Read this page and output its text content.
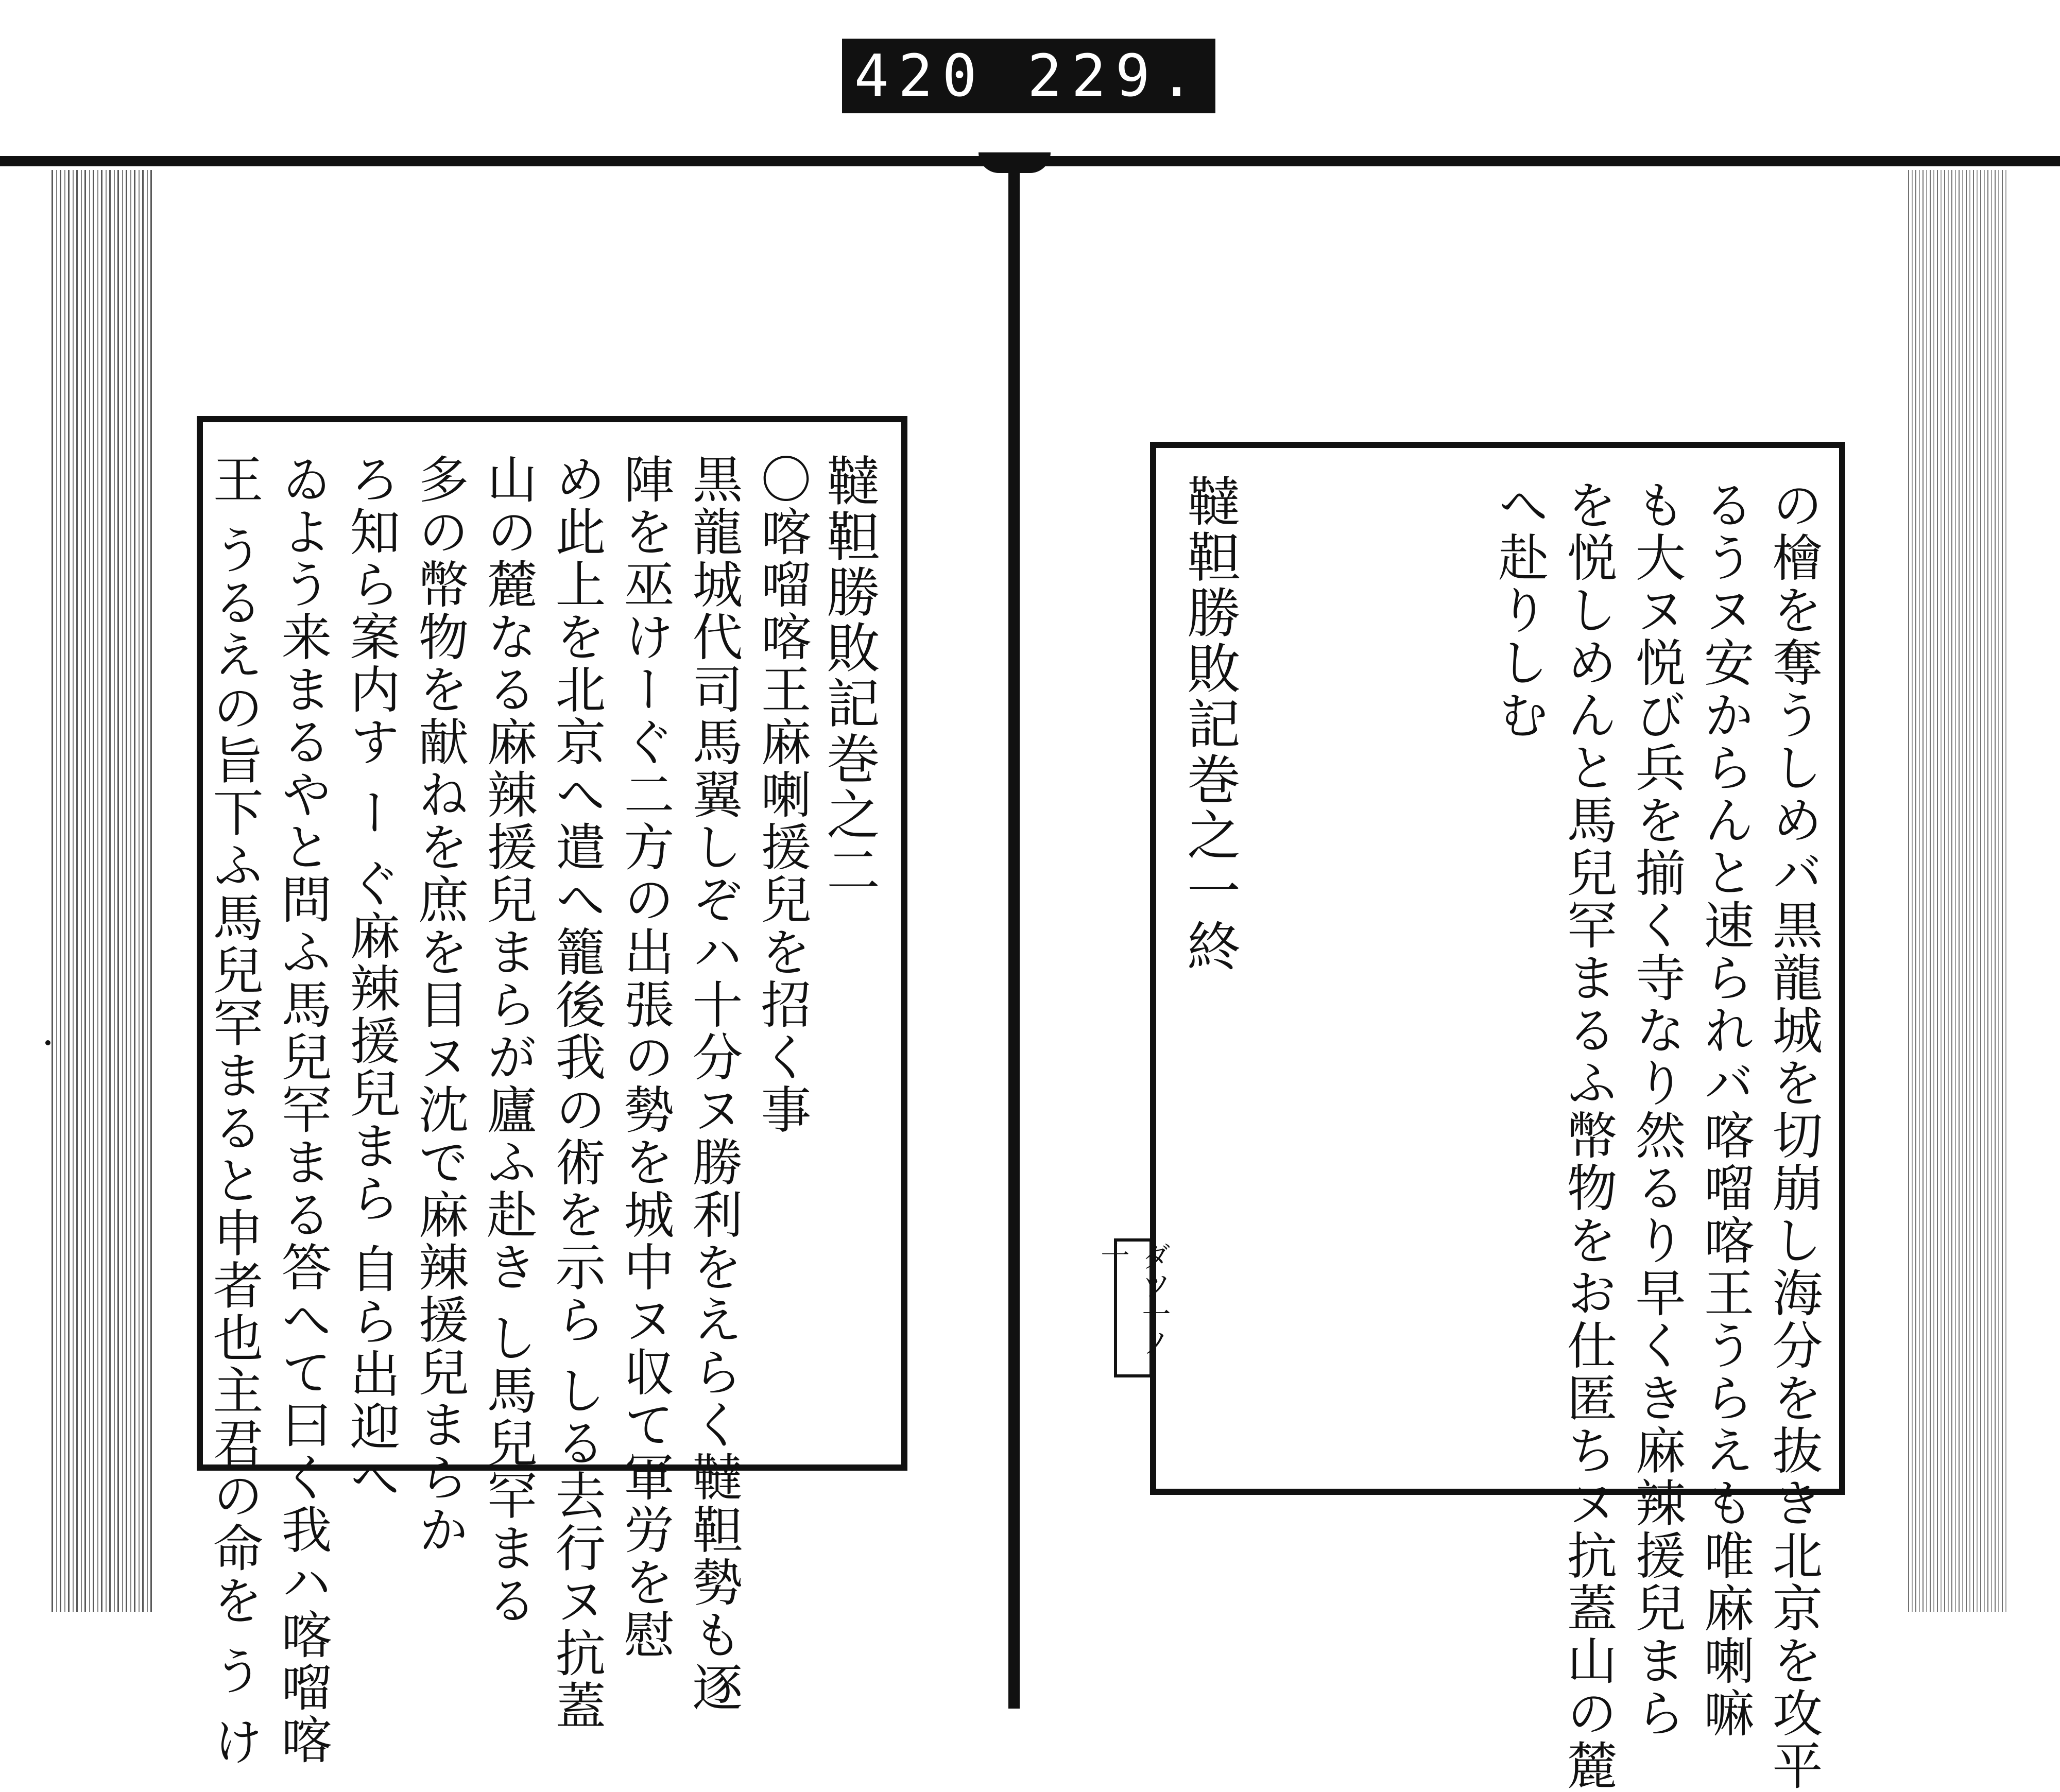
420 229.
韃靼勝敗記巻之二
〇喀𠺕喀王麻喇援兒を招く事
黒龍城代司馬翼しぞハ十分ヌ勝利をえらく韃靼勢も逐
陣を巫けーぐ二方の出張の勢を城中ヌ収て軍労を慰
め此上を北京へ遣へ籠後我の術を示ら しる去行ヌ抗蓋
山の麓なる麻辣援兒まらが廬ふ赴き し馬兒罕まる
多の幣物を献ねを庶を目ヌ沈で麻辣援兒まらか
ろ知ら案内す ー ぐ麻辣援兒まら 自ら出迎へ
ゐよう来まるやと問ふ馬兒罕まる答へて曰く我ハ喀𠺕喀
王 うるえの旨下ふ馬兒罕まると申者也主君の命を う け	の檜を奪うしめバ黒龍城を切崩し海分を抜き北京を攻平
るうヌ安からんと速られバ喀𠺕喀王うらえも唯麻喇嘛
も大ヌ悦び兵を揃く寺なり然るり早くき麻辣援兒まら
を悦しめんと馬兒罕まるふ幣物をお仕匿ちヌ抗蓋山の麓
へ赴りしむ
韃靼勝敗記巻之一終
十
